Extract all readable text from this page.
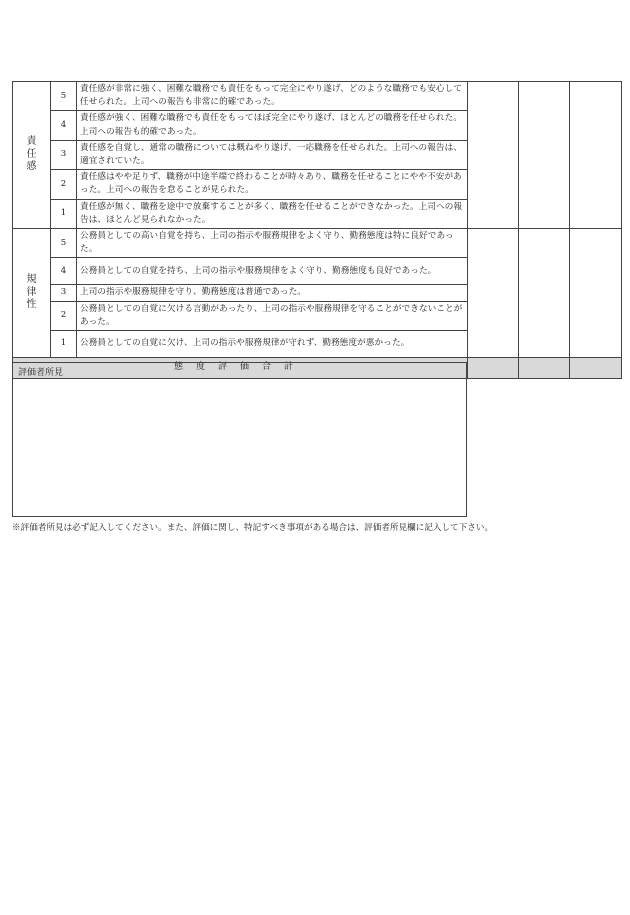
責
任
感	5	責任感が非常に強く、困難な職務でも責任をもって完全にやり遂げ、どのような職務でも安心して任せられた。上司への報告も非常に的確であった。			
	4	責任感が強く、困難な職務でも責任をもってほぼ完全にやり遂げ、ほとんどの職務を任せられた。上司への報告も的確であった。			
	3	責任感を自覚し、通常の職務については概ねやり遂げ、一応職務を任せられた。上司への報告は、適宜されていた。			
	2	責任感はやや足りず、職務が中途半端で終わることが時々あり、職務を任せることにやや不安があった。上司への報告を怠ることが見られた。			
	1	責任感が無く、職務を途中で放棄することが多く、職務を任せることができなかった。上司への報告は、ほとんど見られなかった。			

規
律
性	5	公務員としての高い自覚を持ち、上司の指示や服務規律をよく守り、勤務態度は特に良好であった。			
	4	公務員としての自覚を持ち、上司の指示や服務規律をよく守り、勤務態度も良好であった。			
	3	上司の指示や服務規律を守り、勤務態度は普通であった。			
	2	公務員としての自覚に欠ける言動があったり、上司の指示や服務規律を守ることができないことがあった。			
	1	公務員としての自覚に欠け、上司の指示や服務規律が守れず、勤務態度が悪かった。			
態度評価合計					
評価者所見
※評価者所見は必ず記入してください。また、評価に関し、特記すべき事項がある場合は、評価者所見欄に記入して下さい。
